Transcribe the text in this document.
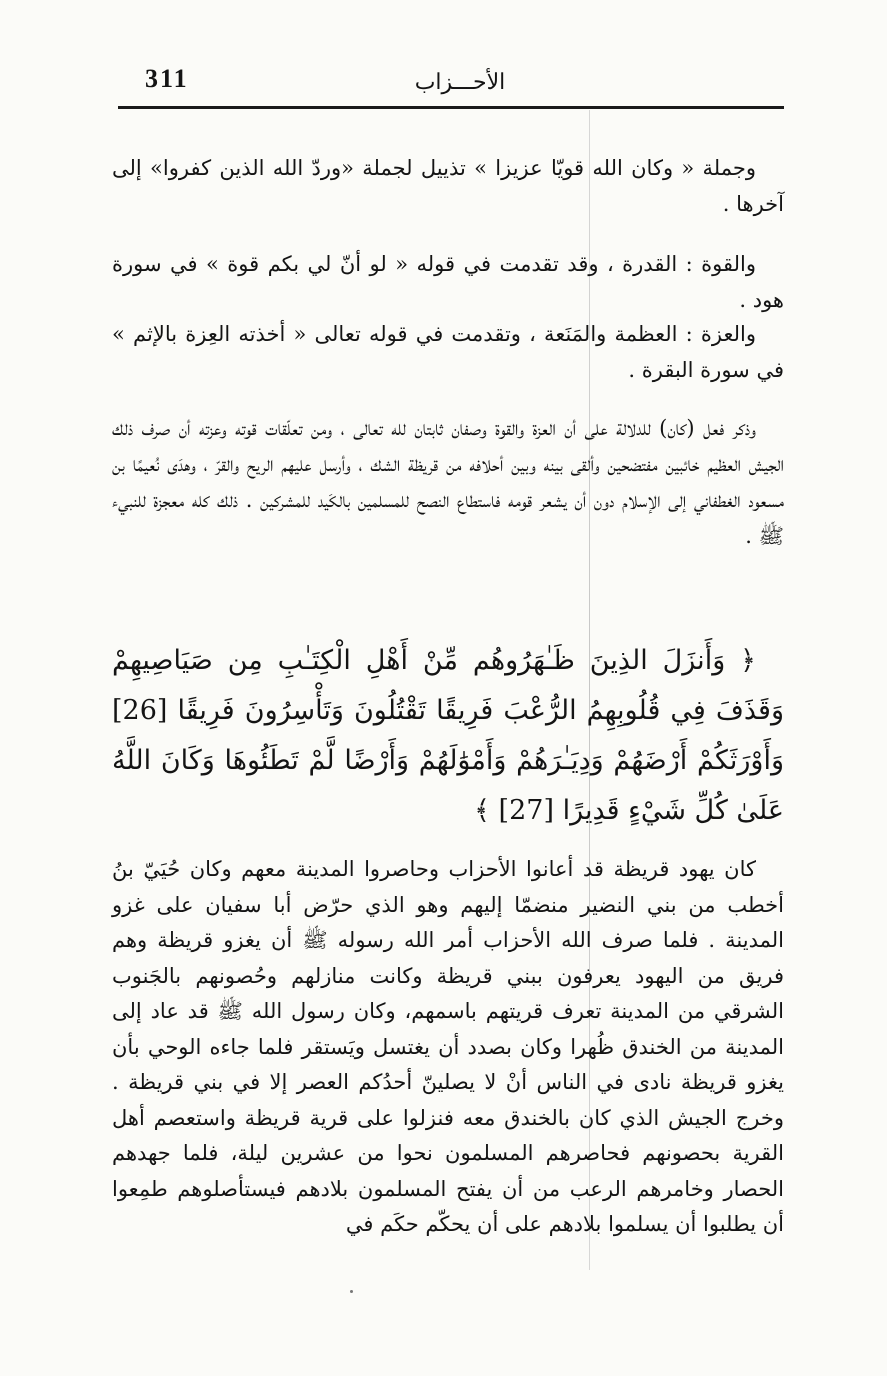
311	الأحـــزاب

وجملة « وكان الله قويّا عزيزا » تذييل لجملة «وردّ الله الذين كفروا» إلى آخرها .

والقوة : القدرة ، وقد تقدمت في قوله « لو أنّ لي بكم قوة » في سورة هود .

والعزة : العظمة والمَنَعة ، وتقدمت في قوله تعالى « أخذته العِزة بالإثم » في سورة البقرة .

وذكر فعل (كان) للدلالة على أن العزة والقوة وصفان ثابتان لله تعالى ، ومن تعلّقات قوته وعزته أن صرف ذلك الجيش العظيم خائبين مفتضحين وألقى بينه وبين أحلافه من قريظة الشك ، وأرسل عليهم الريح والقرّ ، وهدَى نُعيمًا بن مسعود الغطفاني إلى الإسلام دون أن يشعر قومه فاستطاع النصح للمسلمين بالكَيد للمشركين . ذلك كله معجزة للنبيء ﷺ .

﴿ وَأَنزَلَ الذِينَ ظَـٰهَرُوهُم مِّنْ أَهْلِ الْكِتَـٰبِ مِن صَيَاصِيهِمْ وَقَذَفَ فِي قُلُوبِهِمُ الرُّعْبَ فَرِيقًا تَقْتُلُونَ وَتَأْسِرُونَ فَرِيقًا [26] وَأَوْرَثَكُمْ أَرْضَهُمْ وَدِيَـٰرَهُمْ وَأَمْوَٰلَهُمْ وَأَرْضًا لَّمْ تَطَئُوهَا وَكَانَ اللَّهُ عَلَىٰ كُلِّ شَيْءٍ قَدِيرًا [27] ﴾

كان يهود قريظة قد أعانوا الأحزاب وحاصروا المدينة معهم وكان حُيَيّ بنُ أخطب من بني النضير منضمّا إليهم وهو الذي حرّض أبا سفيان على غزو المدينة . فلما صرف الله الأحزاب أمر الله رسوله ﷺ أن يغزو قريظة وهم فريق من اليهود يعرفون ببني قريظة وكانت منازلهم وحُصونهم بالجَنوب الشرقي من المدينة تعرف قريتهم باسمهم، وكان رسول الله ﷺ قد عاد إلى المدينة من الخندق ظُهرا وكان بصدد أن يغتسل ويَستقر فلما جاءه الوحي بأن يغزو قريظة نادى في الناس أنْ لا يصلينّ أحدُكم العصر إلا في بني قريظة . وخرج الجيش الذي كان بالخندق معه فنزلوا على قرية قريظة واستعصم أهل القرية بحصونهم فحاصرهم المسلمون نحوا من عشرين ليلة، فلما جهدهم الحصار وخامرهم الرعب من أن يفتح المسلمون بلادهم فيستأصلوهم طمِعوا أن يطلبوا أن يسلموا بلادهم على أن يحكّم حكَم في
